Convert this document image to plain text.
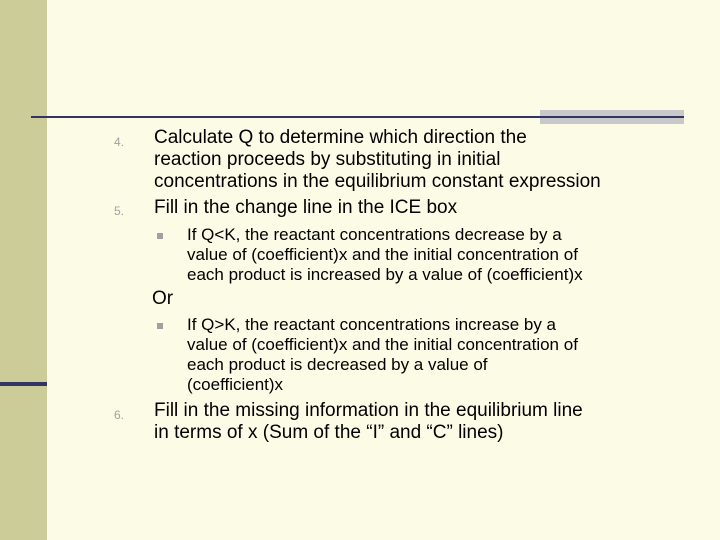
4. Calculate Q to determine which direction the
reaction proceeds by substituting in initial
concentrations in the equilibrium constant expression
5. Fill in the change line in the ICE box
If Q<K, the reactant concentrations decrease by a
value of (coefficient)x and the initial concentration of
each product is increased by a value of (coefficient)x
Or
If Q>K, the reactant concentrations increase by a
value of (coefficient)x and the initial concentration of
each product is decreased by a value of
(coefficient)x
6. Fill in the missing information in the equilibrium line
in terms of x (Sum of the “I” and “C” lines)
